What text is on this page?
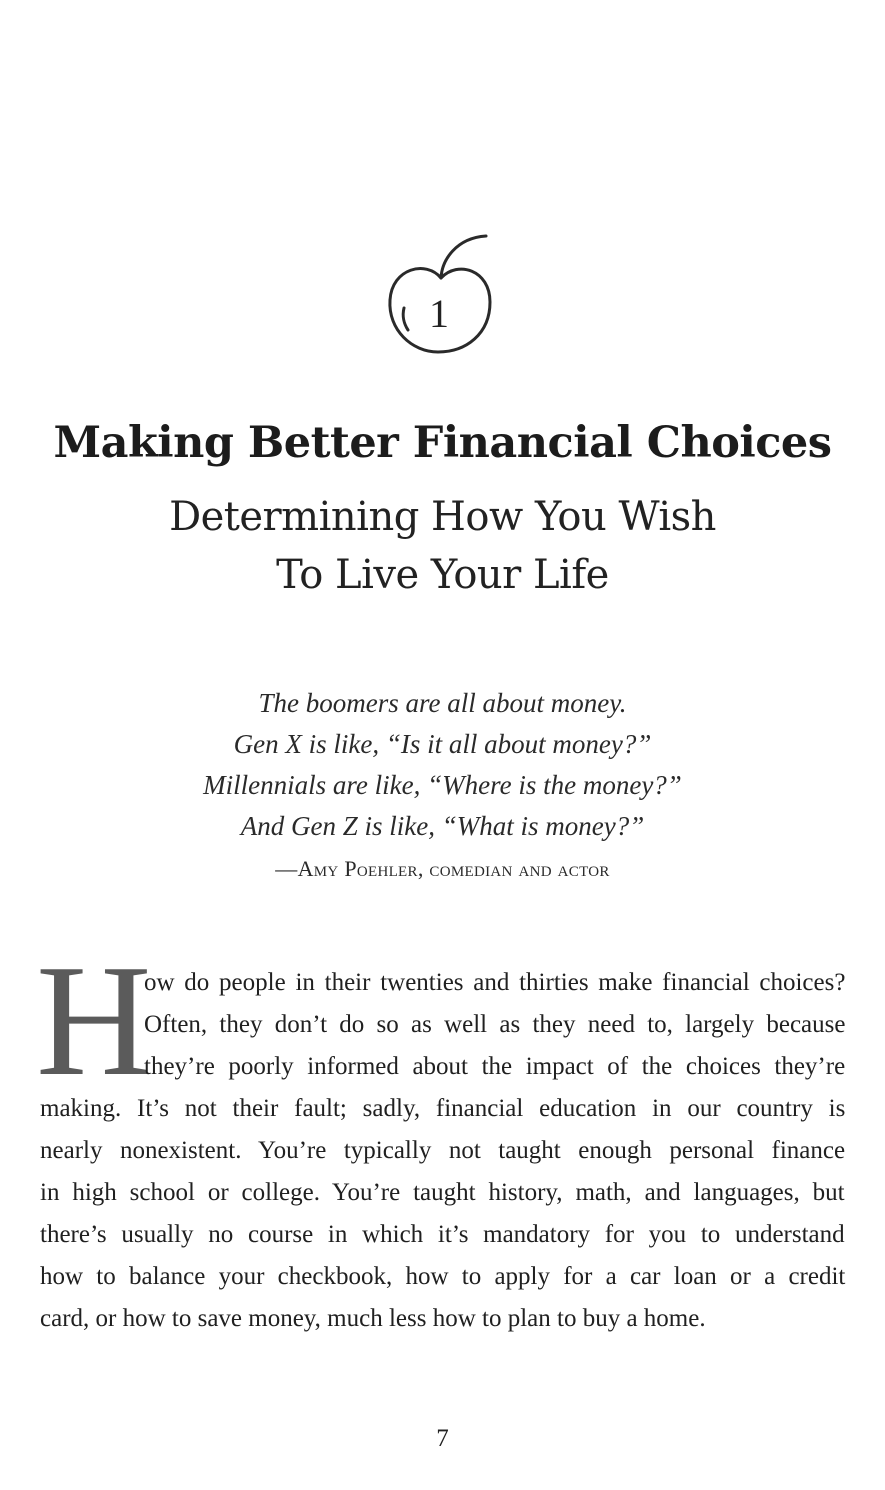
1
Making Better Financial Choices
Determining How You Wish
To Live Your Life
The boomers are all about money.
Gen X is like, “Is it all about money?”
Millennials are like, “Where is the money?”
And Gen Z is like, “What is money?”
—Amy Poehler, comedian and actor
H
ow do people in their twenties and thirties make financial choices?
Often, they don’t do so as well as they need to, largely because
they’re poorly informed about the impact of the choices they’re
making. It’s not their fault; sadly, financial education in our country is
nearly nonexistent. You’re typically not taught enough personal finance
in high school or college. You’re taught history, math, and languages, but
there’s usually no course in which it’s mandatory for you to understand
how to balance your checkbook, how to apply for a car loan or a credit
card, or how to save money, much less how to plan to buy a home.
7
